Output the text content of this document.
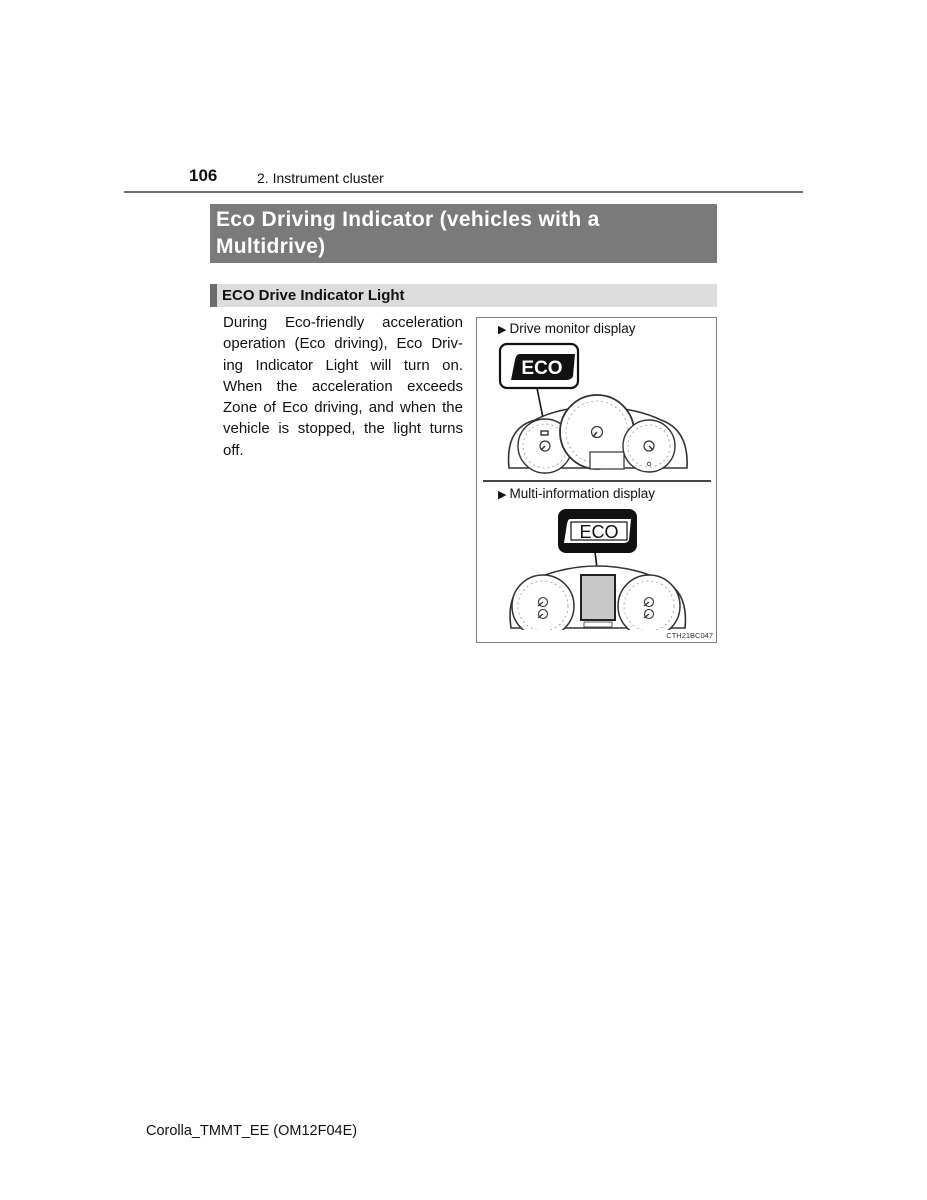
106	2. Instrument cluster
Eco Driving Indicator (vehicles with a
Multidrive)
ECO Drive Indicator Light
During Eco-friendly acceleration operation (Eco driving), Eco Driv-ing Indicator Light will turn on. When the acceleration exceeds Zone of Eco driving, and when the vehicle is stopped, the light turns off.
▶ Drive monitor display
ECO
▶ Multi-information display
ECO
CTH21BC047
Corolla_TMMT_EE (OM12F04E)
